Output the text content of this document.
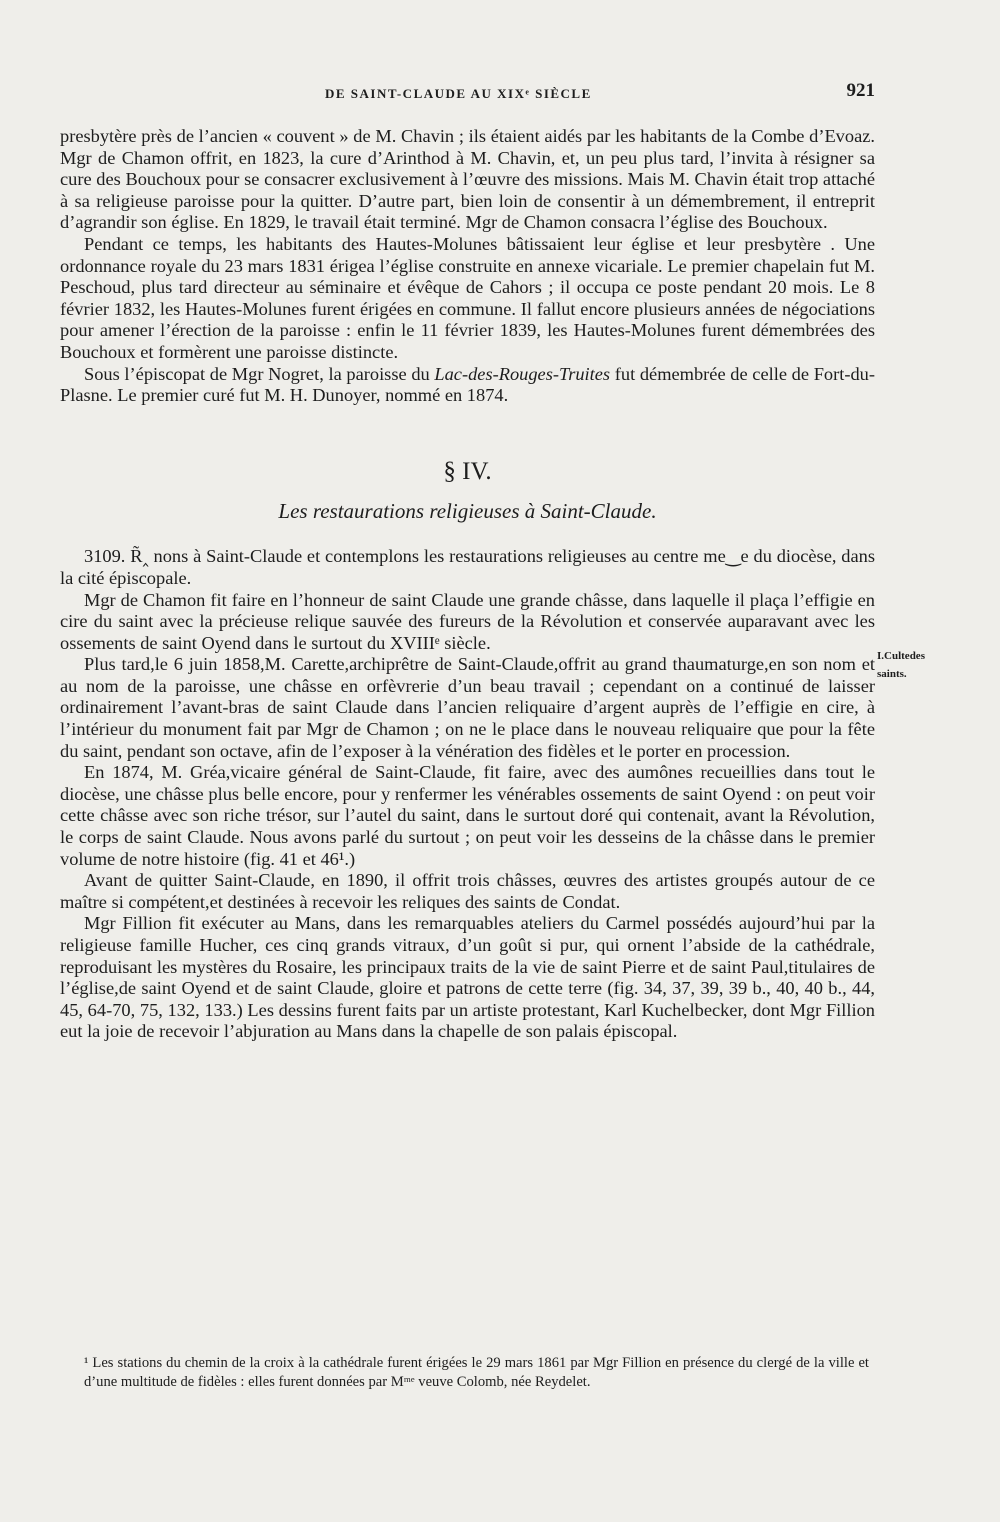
DE SAINT-CLAUDE AU XIXᵉ SIÈCLE	921

presbytère près de l’ancien « couvent » de M. Chavin ; ils étaient aidés par les habitants de la Combe d’Evoaz. Mgr de Chamon offrit, en 1823, la cure d’Arinthod à M. Chavin, et, un peu plus tard, l’invita à résigner sa cure des Bouchoux pour se consacrer exclusivement à l’œuvre des missions. Mais M. Chavin était trop attaché à sa religieuse paroisse pour la quitter. D’autre part, bien loin de consentir à un démembrement, il entreprit d’agrandir son église. En 1829, le travail était terminé. Mgr de Chamon consacra l’église des Bouchoux.

Pendant ce temps, les habitants des Hautes-Molunes bâtissaient leur église et leur presbytère . Une ordonnance royale du 23 mars 1831 érigea l’église construite en annexe vicariale. Le premier chapelain fut M. Peschoud, plus tard directeur au séminaire et évêque de Cahors ; il occupa ce poste pendant 20 mois. Le 8 février 1832, les Hautes-Molunes furent érigées en commune. Il fallut encore plusieurs années de négociations pour amener l’érection de la paroisse : enfin le 11 février 1839, les Hautes-Molunes furent démembrées des Bouchoux et formèrent une paroisse distincte.

Sous l’épiscopat de Mgr Nogret, la paroisse du Lac-des-Rouges-Truites fut démembrée de celle de Fort-du-Plasne. Le premier curé fut M. H. Dunoyer, nommé en 1874.

§ IV.
Les restaurations religieuses à Saint-Claude.

3109. R̃‸ nons à Saint-Claude et contemplons les restaurations religieuses au centre me‿e du diocèse, dans la cité épiscopale.

Mgr de Chamon fit faire en l’honneur de saint Claude une grande châsse, dans laquelle il plaça l’effigie en cire du saint avec la précieuse relique sauvée des fureurs de la Révolution et conservée auparavant avec les ossements de saint Oyend dans le surtout du XVIIIᵉ siècle.

Plus tard,le 6 juin 1858,M. Carette,archiprêtre de Saint-Claude,offrit au grand thaumaturge,en son nom et au nom de la paroisse, une châsse en orfèvrerie d’un beau travail ; cependant on a continué de laisser ordinairement l’avant-bras de saint Claude dans l’ancien reliquaire d’argent auprès de l’effigie en cire, à l’intérieur du monument fait par Mgr de Chamon ; on ne le place dans le nouveau reliquaire que pour la fête du saint, pendant son octave, afin de l’exposer à la vénération des fidèles et le porter en procession.

En 1874, M. Gréa,vicaire général de Saint-Claude, fit faire, avec des aumônes recueillies dans tout le diocèse, une châsse plus belle encore, pour y renfermer les vénérables ossements de saint Oyend : on peut voir cette châsse avec son riche trésor, sur l’autel du saint, dans le surtout doré qui contenait, avant la Révolution, le corps de saint Claude. Nous avons parlé du surtout ; on peut voir les desseins de la châsse dans le premier volume de notre histoire (fig. 41 et 46¹.)

Avant de quitter Saint-Claude, en 1890, il offrit trois châsses, œuvres des artistes groupés autour de ce maître si compétent,et destinées à recevoir les reliques des saints de Condat.

Mgr Fillion fit exécuter au Mans, dans les remarquables ateliers du Carmel possédés aujourd’hui par la religieuse famille Hucher, ces cinq grands vitraux, d’un goût si pur, qui ornent l’abside de la cathédrale, reproduisant les mystères du Rosaire, les principaux traits de la vie de saint Pierre et de saint Paul,titulaires de l’église,de saint Oyend et de saint Claude, gloire et patrons de cette terre (fig. 34, 37, 39, 39 b., 40, 40 b., 44, 45, 64-70, 75, 132, 133.) Les dessins furent faits par un artiste protestant, Karl Kuchelbecker, dont Mgr Fillion eut la joie de recevoir l’abjuration au Mans dans la chapelle de son palais épiscopal.

I.Cultedes
saints.

¹ Les stations du chemin de la croix à la cathédrale furent érigées le 29 mars 1861 par Mgr Fillion en présence du clergé de la ville et d’une multitude de fidèles : elles furent données par Mᵐᵉ veuve Colomb, née Reydelet.
